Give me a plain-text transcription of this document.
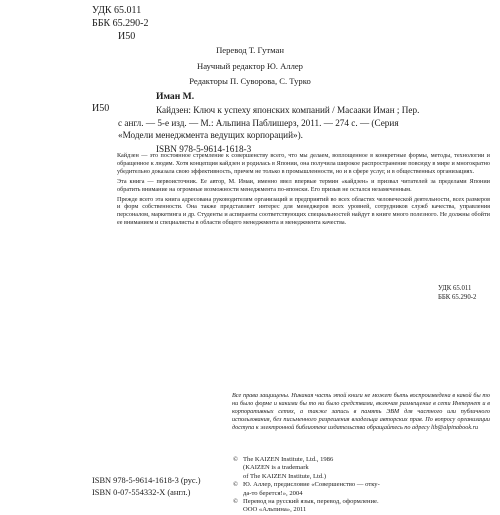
УДК 65.011
ББК 65.290-2
И50
Перевод Т. Гутман
Научный редактор Ю. Аллер
Редакторы П. Суворова, С. Турко
Иман М.
И50	Кайдзен: Ключ к успеху японских компаний / Масааки Иман ; Пер.
с англ. — 5-е изд. — М.: Альпина Паблишерз, 2011. — 274 с. — (Серия
«Модели менеджмента ведущих корпораций»).
ISBN 978-5-9614-1618-3

Кайдзен — это постоянное стремление к совершенству всего, что мы делаем, воплощенное в конкретные формы, методы, технологии и обращенное к людям. Хотя концепция кайдзен и родилась в Японии, она получила широкое распространение повсюду в мире и многократно убедительно доказала свою эффективность, причем не только в промышленности, но и в сфере услуг, и в общественных организациях.

Эта книга — первоисточник. Ее автор, М. Имаи, именно ввел впервые термин «кайдзен» и призвал читателей за пределами Японии обратить внимание на огромные возможности менеджмента по-японски. Его призыв не остался незамеченным.

Прежде всего эта книга адресована руководителям организаций и предприятий во всех областях человеческой деятельности, всех размеров и форм собственности. Она также представляет интерес для менеджеров всех уровней, сотрудников служб качества, управления персоналом, маркетинга и др. Студенты и аспиранты соответствующих специальностей найдут в книге много полезного. Не должны обойти ее вниманием и специалисты в области общего менеджмента и менеджмента качества.

УДК 65.011
ББК 65.290-2
Все права защищены. Никакая часть этой книги не может быть воспроизведена в какой бы то ни было форме и какими бы то ни было средствами, включая размещение в сети Интернет и в корпоративных сетях, а также запись в память ЭВМ для частного или публичного использования, без письменного разрешения владельца авторских прав. По вопросу организации доступа к электронной библиотеке издательства обращайтесь по адресу lib@alpinabook.ru
© The KAIZEN Institute, Ltd., 1986
(KAIZEN is a trademark
of The KAIZEN Institute, Ltd.)
© Ю. Аллер, предисловие «Совершенство — отку-
да-то берется!», 2004
© Перевод на русский язык, перевод, оформление.
ООО «Альпина», 2011
ISBN 978-5-9614-1618-3 (рус.)
ISBN 0-07-554332-X (англ.)
